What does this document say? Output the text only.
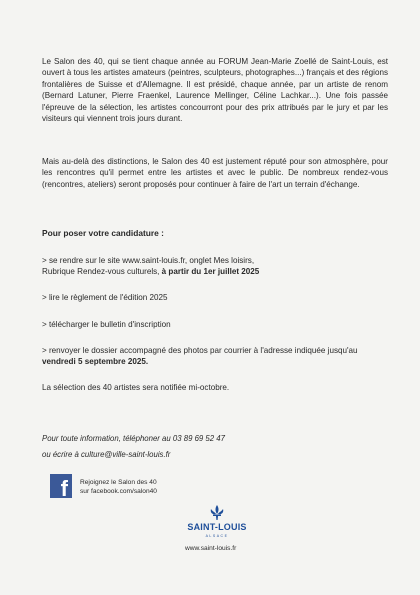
Le Salon des 40, qui se tient chaque année au FORUM Jean-Marie Zoellé de Saint-Louis, est ouvert à tous les artistes amateurs (peintres, sculpteurs, photographes...) français et des régions frontalières de Suisse et d'Allemagne. Il est présidé, chaque année, par un artiste de renom (Bernard Latuner, Pierre Fraenkel, Laurence Mellinger, Céline Lachkar...). Une fois passée l'épreuve de la sélection, les artistes concourront pour des prix attribués par le jury et par les visiteurs qui viennent trois jours durant.

Mais au-delà des distinctions, le Salon des 40 est justement réputé pour son atmosphère, pour les rencontres qu'il permet entre les artistes et avec le public. De nombreux rendez-vous (rencontres, ateliers) seront proposés pour continuer à faire de l'art un terrain d'échange.

Pour poser votre candidature :

> se rendre sur le site www.saint-louis.fr, onglet Mes loisirs,
Rubrique Rendez-vous culturels, à partir du 1er juillet 2025

> lire le règlement de l'édition 2025

> télécharger le bulletin d'inscription

> renvoyer le dossier accompagné des photos par courrier à l'adresse indiquée jusqu'au vendredi 5 septembre 2025.

La sélection des 40 artistes sera notifiée mi-octobre.

Pour toute information, téléphoner au 03 89 69 52 47

ou écrire à culture@ville-saint-louis.fr

f Rejoignez le Salon des 40
sur facebook.com/salon40

SAINT-LOUIS
ALSACE

www.saint-louis.fr
